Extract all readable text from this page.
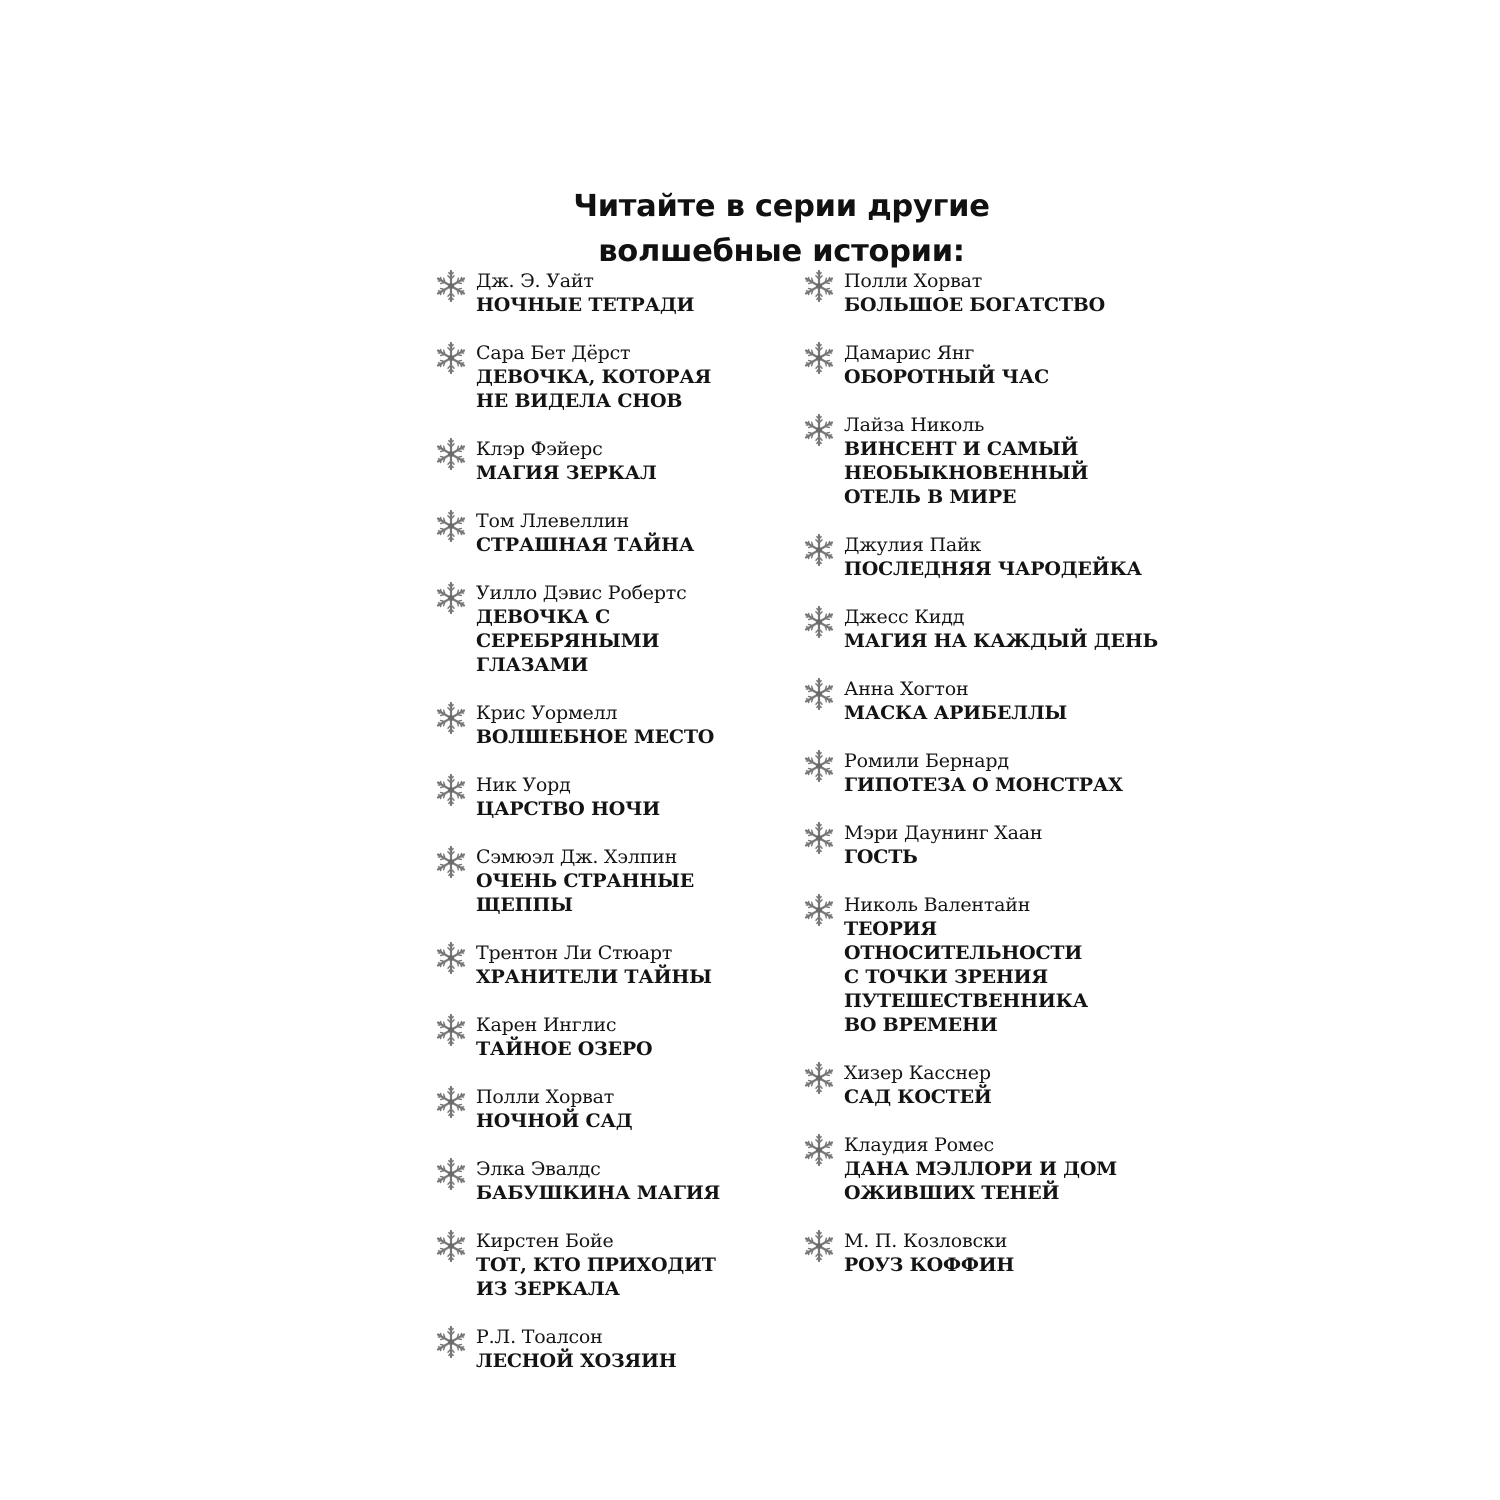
Читайте в серии другие
волшебные истории:
Дж. Э. Уайт
НОЧНЫЕ ТЕТРАДИ
Сара Бет Дёрст
ДЕВОЧКА, КОТОРАЯ
НЕ ВИДЕЛА СНОВ
Клэр Фэйерс
МАГИЯ ЗЕРКАЛ
Том Ллевеллин
СТРАШНАЯ ТАЙНА
Уилло Дэвис Робертс
ДЕВОЧКА С СЕРЕБРЯНЫМИ
ГЛАЗАМИ
Крис Уормелл
ВОЛШЕБНОЕ МЕСТО
Ник Уорд
ЦАРСТВО НОЧИ
Сэмюэл Дж. Хэлпин
ОЧЕНЬ СТРАННЫЕ ЩЕППЫ
Трентон Ли Стюарт
ХРАНИТЕЛИ ТАЙНЫ
Карен Инглис
ТАЙНОЕ ОЗЕРО
Полли Хорват
НОЧНОЙ САД
Элка Эвалдс
БАБУШКИНА МАГИЯ
Кирстен Бойе
ТОТ, КТО ПРИХОДИТ
ИЗ ЗЕРКАЛА
Р.Л. Тоалсон
ЛЕСНОЙ ХОЗЯИН
Полли Хорват
БОЛЬШОЕ БОГАТСТВО
Дамарис Янг
ОБОРОТНЫЙ ЧАС
Лайза Николь
ВИНСЕНТ И САМЫЙ
НЕОБЫКНОВЕННЫЙ
ОТЕЛЬ В МИРЕ
Джулия Пайк
ПОСЛЕДНЯЯ ЧАРОДЕЙКА
Джесс Кидд
МАГИЯ НА КАЖДЫЙ ДЕНЬ
Анна Хогтон
МАСКА АРИБЕЛЛЫ
Ромили Бернард
ГИПОТЕЗА О МОНСТРАХ
Мэри Даунинг Хаан
ГОСТЬ
Николь Валентайн
ТЕОРИЯ
ОТНОСИТЕЛЬНОСТИ
С ТОЧКИ ЗРЕНИЯ
ПУТЕШЕСТВЕННИКА
ВО ВРЕМЕНИ
Хизер Касснер
САД КОСТЕЙ
Клаудия Ромес
ДАНА МЭЛЛОРИ И ДОМ
ОЖИВШИХ ТЕНЕЙ
М. П. Козловски
РОУЗ КОФФИН
